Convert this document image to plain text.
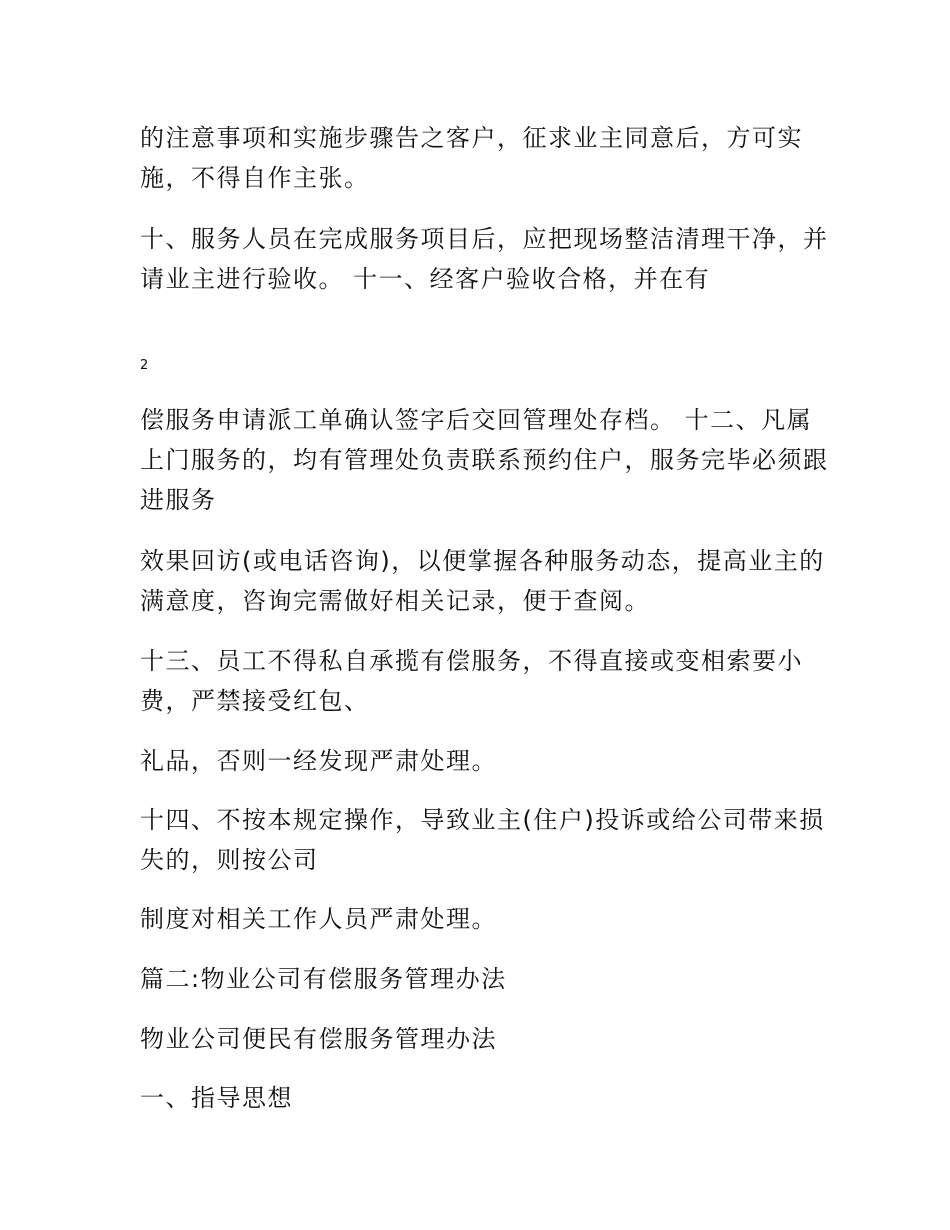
的注意事项和实施步骤告之客户，征求业主同意后，方可实施，不得自作主张。

十、服务人员在完成服务项目后，应把现场整洁清理干净，并请业主进行验收。 十一、经客户验收合格，并在有

2

偿服务申请派工单确认签字后交回管理处存档。 十二、凡属上门服务的，均有管理处负责联系预约住户，服务完毕必须跟进服务

效果回访(或电话咨询)，以便掌握各种服务动态，提高业主的满意度，咨询完需做好相关记录，便于查阅。

十三、员工不得私自承揽有偿服务，不得直接或变相索要小费，严禁接受红包、

礼品，否则一经发现严肃处理。

十四、不按本规定操作，导致业主(住户)投诉或给公司带来损失的，则按公司

制度对相关工作人员严肃处理。

篇二:物业公司有偿服务管理办法

物业公司便民有偿服务管理办法

一、指导思想
